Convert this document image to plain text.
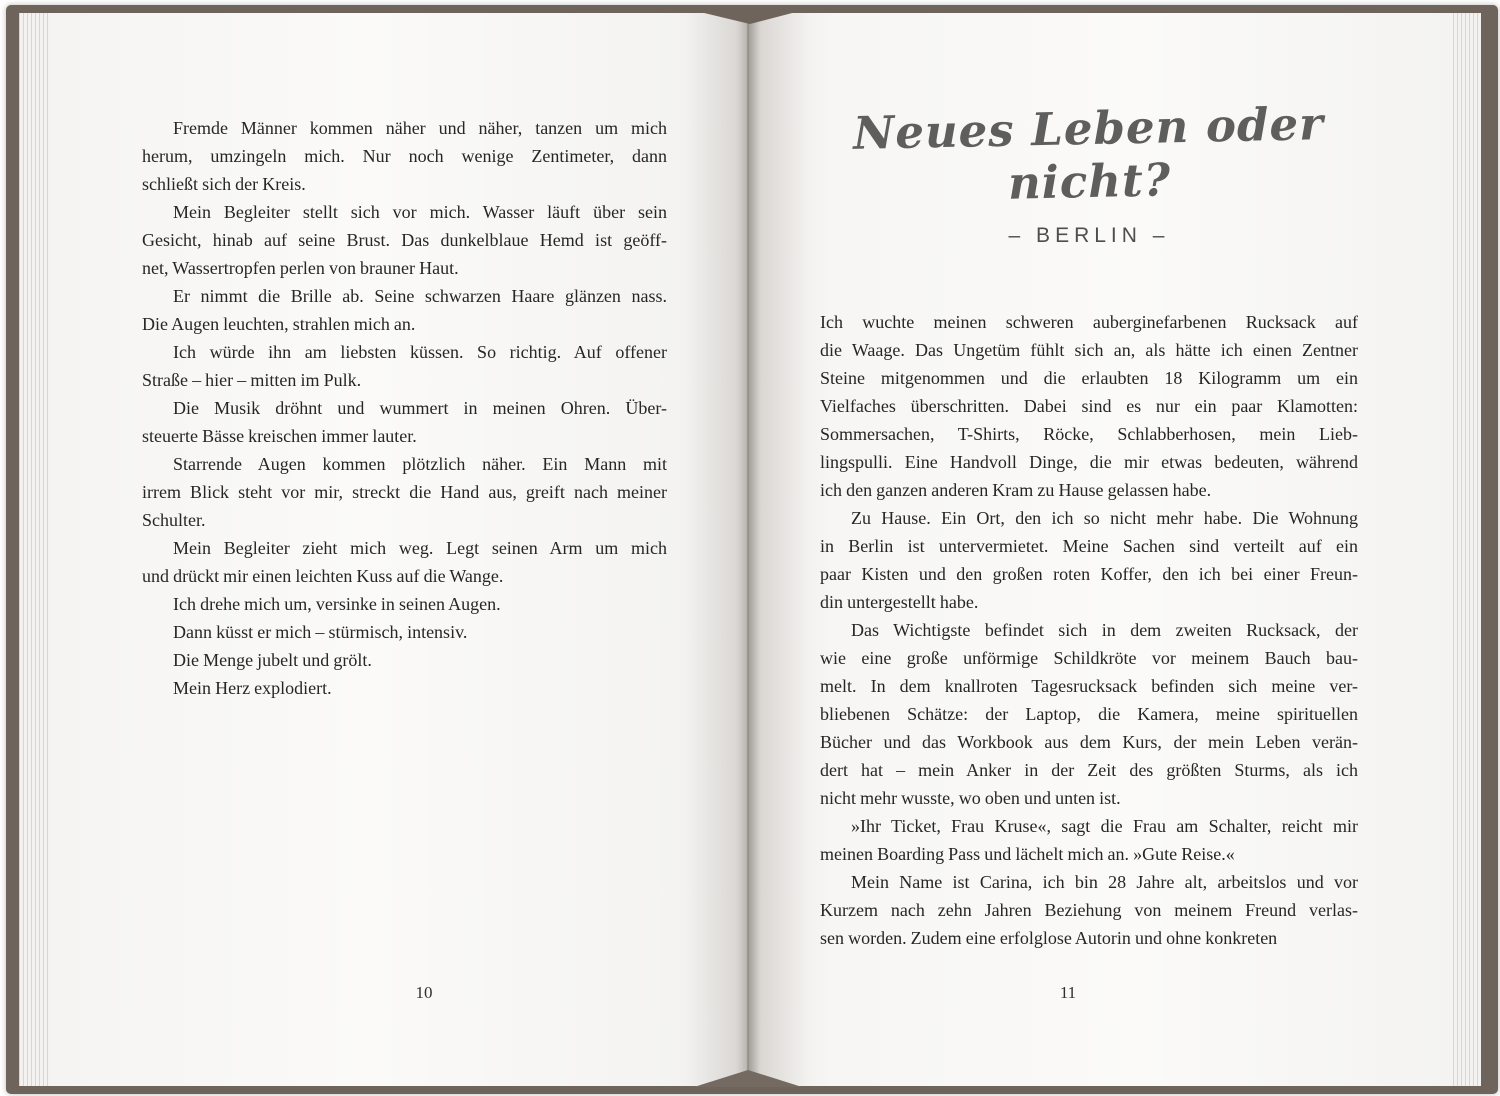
Fremde Männer kommen näher und näher, tanzen um mich
herum, umzingeln mich. Nur noch wenige Zentimeter, dann
schließt sich der Kreis.
Mein Begleiter stellt sich vor mich. Wasser läuft über sein
Gesicht, hinab auf seine Brust. Das dunkelblaue Hemd ist geöff-
net, Wassertropfen perlen von brauner Haut.
Er nimmt die Brille ab. Seine schwarzen Haare glänzen nass.
Die Augen leuchten, strahlen mich an.
Ich würde ihn am liebsten küssen. So richtig. Auf offener
Straße – hier – mitten im Pulk.
Die Musik dröhnt und wummert in meinen Ohren. Über-
steuerte Bässe kreischen immer lauter.
Starrende Augen kommen plötzlich näher. Ein Mann mit
irrem Blick steht vor mir, streckt die Hand aus, greift nach meiner
Schulter.
Mein Begleiter zieht mich weg. Legt seinen Arm um mich
und drückt mir einen leichten Kuss auf die Wange.
Ich drehe mich um, versinke in seinen Augen.
Dann küsst er mich – stürmisch, intensiv.
Die Menge jubelt und grölt.
Mein Herz explodiert.
Neues Leben oder nicht?
– BERLIN –
Ich wuchte meinen schweren auberginefarbenen Rucksack auf
die Waage. Das Ungetüm fühlt sich an, als hätte ich einen Zentner
Steine mitgenommen und die erlaubten 18 Kilogramm um ein
Vielfaches überschritten. Dabei sind es nur ein paar Klamotten:
Sommersachen, T-Shirts, Röcke, Schlabberhosen, mein Lieb-
lingspulli. Eine Handvoll Dinge, die mir etwas bedeuten, während
ich den ganzen anderen Kram zu Hause gelassen habe.
Zu Hause. Ein Ort, den ich so nicht mehr habe. Die Wohnung
in Berlin ist untervermietet. Meine Sachen sind verteilt auf ein
paar Kisten und den großen roten Koffer, den ich bei einer Freun-
din untergestellt habe.
Das Wichtigste befindet sich in dem zweiten Rucksack, der
wie eine große unförmige Schildkröte vor meinem Bauch bau-
melt. In dem knallroten Tagesrucksack befinden sich meine ver-
bliebenen Schätze: der Laptop, die Kamera, meine spirituellen
Bücher und das Workbook aus dem Kurs, der mein Leben verän-
dert hat – mein Anker in der Zeit des größten Sturms, als ich
nicht mehr wusste, wo oben und unten ist.
»Ihr Ticket, Frau Kruse«, sagt die Frau am Schalter, reicht mir
meinen Boarding Pass und lächelt mich an. »Gute Reise.«
Mein Name ist Carina, ich bin 28 Jahre alt, arbeitslos und vor
Kurzem nach zehn Jahren Beziehung von meinem Freund verlas-
sen worden. Zudem eine erfolglose Autorin und ohne konkreten
10	11
